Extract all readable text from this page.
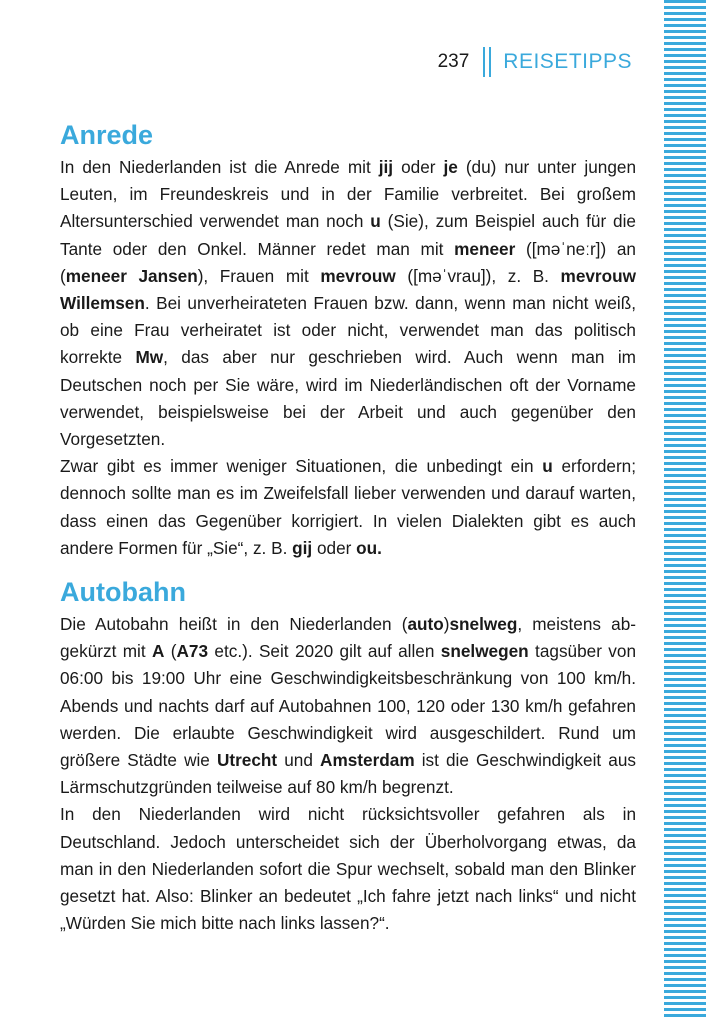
237 REISETIPPS
Anrede

In den Niederlanden ist die Anrede mit jij oder je (du) nur unter jungen Leuten, im Freundeskreis und in der Familie verbreitet. Bei großem Altersunterschied verwendet man noch u (Sie), zum Beispiel auch für die Tante oder den Onkel. Männer redet man mit meneer ([məˈneːr]) an (meneer Jansen), Frauen mit mevrouw ([məˈvrau]), z. B. mevrouw Willemsen. Bei unverheirateten Frauen bzw. dann, wenn man nicht weiß, ob eine Frau verheiratet ist oder nicht, verwendet man das politisch korrekte Mw, das aber nur geschrieben wird. Auch wenn man im Deutschen noch per Sie wäre, wird im Niederländischen oft der Vorname verwendet, beispielsweise bei der Arbeit und auch gegenüber den Vorgesetzten.

Zwar gibt es immer weniger Situationen, die unbedingt ein u erfordern; dennoch sollte man es im Zweifelsfall lieber verwenden und darauf warten, dass einen das Gegenüber korrigiert. In vielen Dialekten gibt es auch andere Formen für „Sie“, z. B. gij oder ou.

Autobahn

Die Autobahn heißt in den Niederlanden (auto)snelweg, meistens abgekürzt mit A (A73 etc.). Seit 2020 gilt auf allen snelwegen tagsüber von 06:00 bis 19:00 Uhr eine Geschwindigkeitsbeschränkung von 100 km/h. Abends und nachts darf auf Autobahnen 100, 120 oder 130 km/h gefahren werden. Die erlaubte Geschwindigkeit wird ausgeschildert. Rund um größere Städte wie Utrecht und Amsterdam ist die Geschwindigkeit aus Lärmschutzgründen teilweise auf 80 km/h begrenzt.

In den Niederlanden wird nicht rücksichtsvoller gefahren als in Deutschland. Jedoch unterscheidet sich der Überholvorgang etwas, da man in den Niederlanden sofort die Spur wechselt, sobald man den Blinker gesetzt hat. Also: Blinker an bedeutet „Ich fahre jetzt nach links“ und nicht „Würden Sie mich bitte nach links lassen?“.
